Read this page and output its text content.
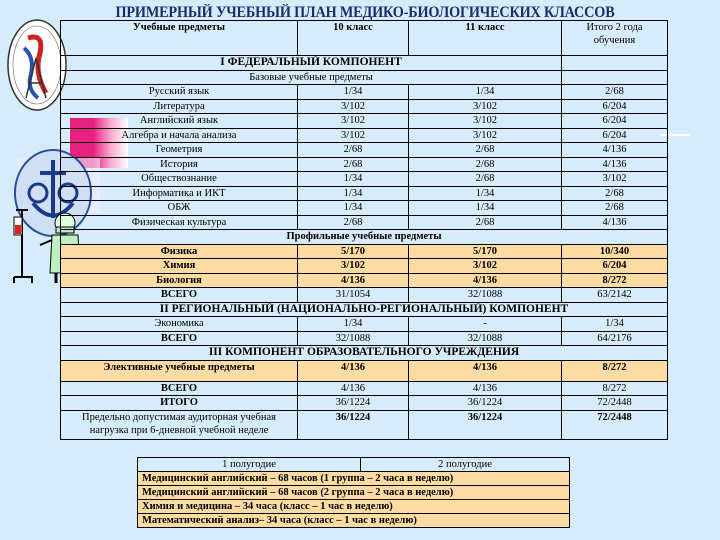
ПРИМЕРНЫЙ УЧЕБНЫЙ ПЛАН МЕДИКО-БИОЛОГИЧЕСКИХ КЛАССОВ
Учебные предметы	10 класс	11 класс	Итого 2 года обучения
I ФЕДЕРАЛЬНЫЙ КОМПОНЕНТ			
Базовые учебные предметы			
Русский язык	1/34	1/34	2/68
Литература	3/102	3/102	6/204
Английский язык	3/102	3/102	6/204
Алгебра и начала анализа	3/102	3/102	6/204
Геометрия	2/68	2/68	4/136
История	2/68	2/68	4/136
Обществознание	1/34	2/68	3/102
Информатика и ИКТ	1/34	1/34	2/68
ОБЖ	1/34	1/34	2/68
Физическая культура	2/68	2/68	4/136
Профильные учебные предметы			
Физика	5/170	5/170	10/340
Химия	3/102	3/102	6/204
Биология	4/136	4/136	8/272
ВСЕГО	31/1054	32/1088	63/2142
II РЕГИОНАЛЬНЫЙ (НАЦИОНАЛЬНО-РЕГИОНАЛЬНЫЙ) КОМПОНЕНТ			
Экономика	1/34	-	1/34
ВСЕГО	32/1088	32/1088	64/2176
III КОМПОНЕНТ ОБРАЗОВАТЕЛЬНОГО УЧРЕЖДЕНИЯ			
Элективные учебные предметы	4/136	4/136	8/272
ВСЕГО	4/136	4/136	8/272
ИТОГО	36/1224	36/1224	72/2448
Предельно допустимая аудиторная учебная нагрузка при 6-дневной учебной неделе	36/1224	36/1224	72/2448
1 полугодие	2 полугодие
Медицинский английский – 68 часов (1 группа – 2 часа в неделю)
Медицинский английский – 68 часов (2 группа – 2 часа в неделю)
Химия и медицина – 34 часа (класс – 1 час в неделю)
Математический анализ– 34 часа (класс – 1 час в неделю)
